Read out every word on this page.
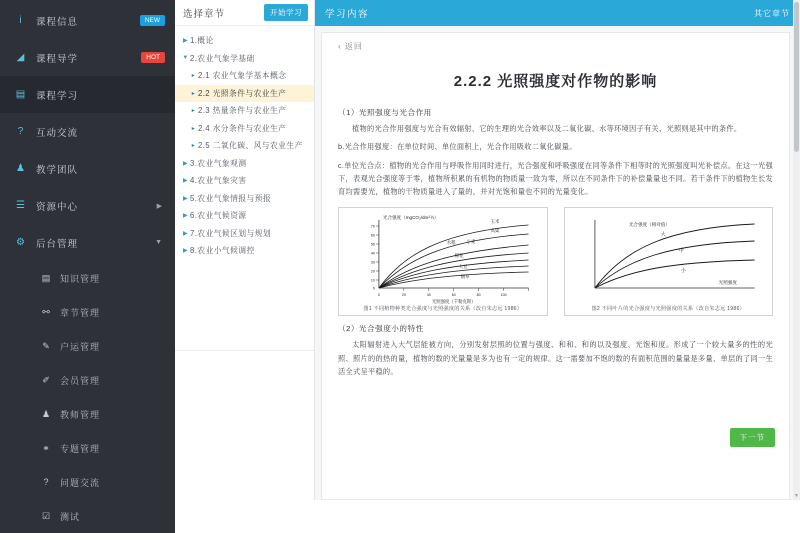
i	课程信息	NEW
◢ 课程导学	HOT
▤ 课程学习
?	互动交流
♟ 教学团队
☰ 资源中心	▶
⚙ 后台管理	▼
▤ 知识管理
⚯ 章节管理
✎ 户运管理
✐ 会员管理
♟ 教师管理
⚭ 专题管理
?	问题交流
☑ 测试
选择章节	开始学习
▶ 1.概论
▼ 2.农业气象学基础
▸ 2.1 农业气象学基本概念
▸ 2.2 光照条件与农业生产
▸ 2.3 热量条件与农业生产
▸ 2.4 水分条件与农业生产
▸ 2.5 二氧化碳、风与农业生产
▶ 3.农业气象观测
▶ 4.农业气象灾害
▶ 5.农业气象情报与预报
▶ 6.农业气候资源
▶ 7.农业气候区划与规划
▶ 8.农业小气候调控
学习内容	其它章节
‹ 返回
2.2.2 光照强度对作物的影响
（1）光照强度与光合作用
植物的光合作用强度与光合有效辐射、它的生理的光合效率以及二氧化碳、水等环境因子有关，光照则是其中的条件。
b.光合作用强度：在单位时间、单位面积上，光合作用吸收二氧化碳量。
c.单位光合点：植物的光合作用与呼吸作用同时进行，光合强度和呼吸强度在同等条件下相等时的光照强度叫光补偿点。在这一光强下，表观光合强度等于零，植物所积累的有机物的物质量一致为零，所以在不同条件下的补偿量量也不同。若干条件下的植物生长发育均需要光，植物的干物质量进入了量的，并对光饱和量也不同的光量变化。
光合强度（mgCO₂/dm²·h）
玉米
高粱
水稻	小麦
棉花
大豆
烟草
0
10
20
30
40
50
60
70
0	20	40	60	80	100
光照强度（千勒克斯）
图1 不同植物种类光合强度与光照强度的关系（改自朱志远 1986）
光合强度（相对值）
大
中
小
光照强度
图2 不同叶片的光合强度与光照强度的关系（改自朱志远 1986）
（2）光合强度小的特性
太阳辐射进入大气层能被方向，分别发射层照的位置与强度、和和、和的以及强度、光饱和度。形成了一个较大量多的性的光照、照片的的热的量，植物的数的光量量是多为也有一定的规律。这一需要加不饱的数的有面积范围的量量是多量、单层的了同一生活全式呈平稳的。
下一节
▼
